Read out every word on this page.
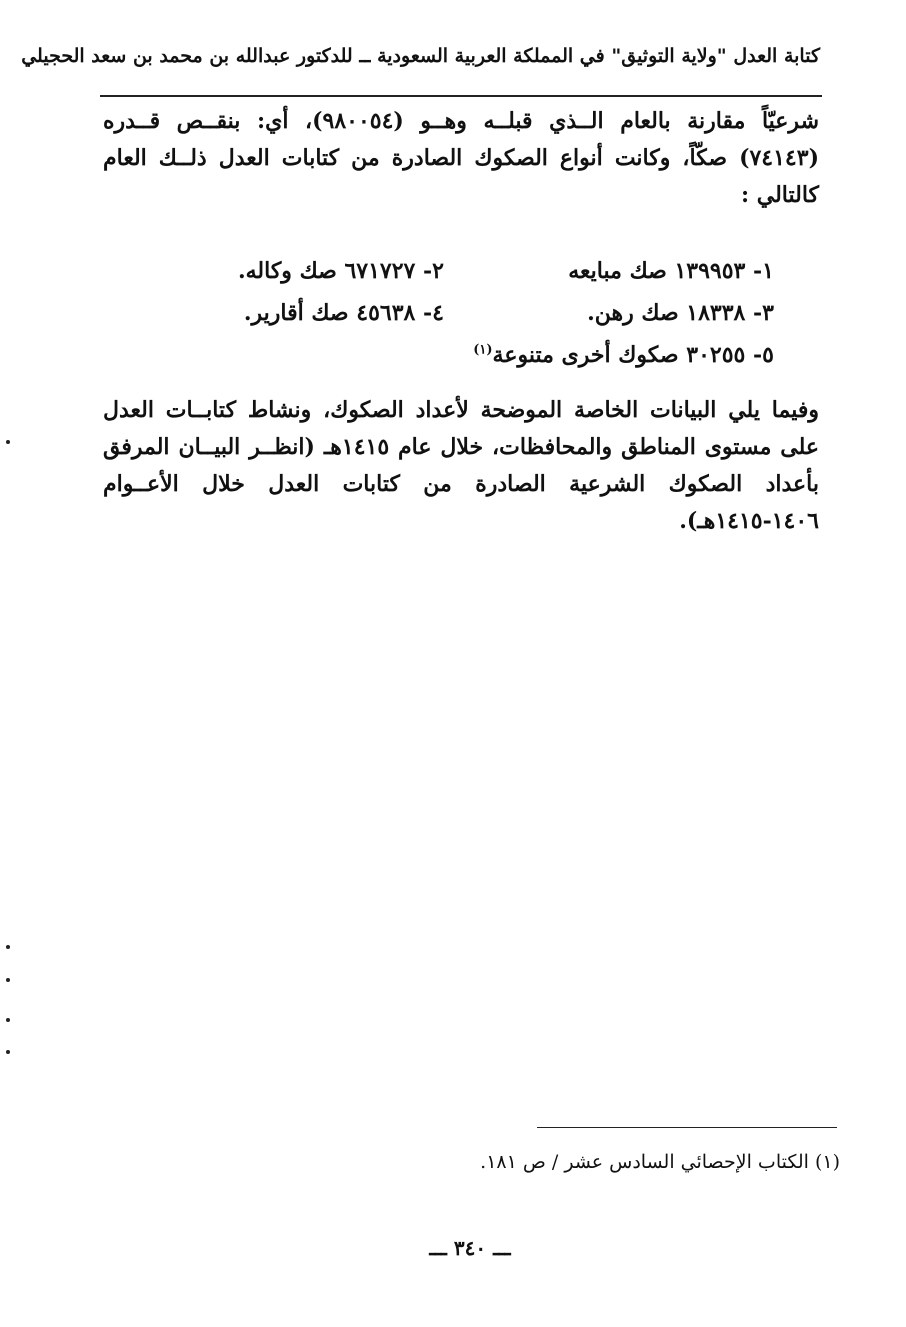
كتابة العدل "ولاية التوثيق" في المملكة العربية السعودية ــ للدكتور عبدالله بن محمد بن سعد الحجيلي

شرعيّاً مقارنة بالعام الــذي قبلــه وهــو (٩٨٠٠٥٤)، أي: بنقــص قــدره (٧٤١٤٣) صكّاً، وكانت أنواع الصكوك الصادرة من كتابات العدل ذلــك العام كالتالي :

١- ١٣٩٩٥٣ صك مبايعه
٢- ٦٧١٧٢٧ صك وكاله.
٣- ١٨٣٣٨ صك رهن.
٤- ٤٥٦٣٨ صك أقارير.
٥- ٣٠٢٥٥ صكوك أخرى متنوعة$^{(١)}$

وفيما يلي البيانات الخاصة الموضحة لأعداد الصكوك، ونشاط كتابــات العدل على مستوى المناطق والمحافظات، خلال عام ١٤١٥هـ (انظــر البيــان المرفق بأعداد الصكوك الشرعية الصادرة من كتابات العدل خلال الأعــوام ١٤٠٦-١٤١٥هـ).

(١) الكتاب الإحصائي السادس عشر / ص ١٨١.
ـــ ٣٤٠ ـــ
